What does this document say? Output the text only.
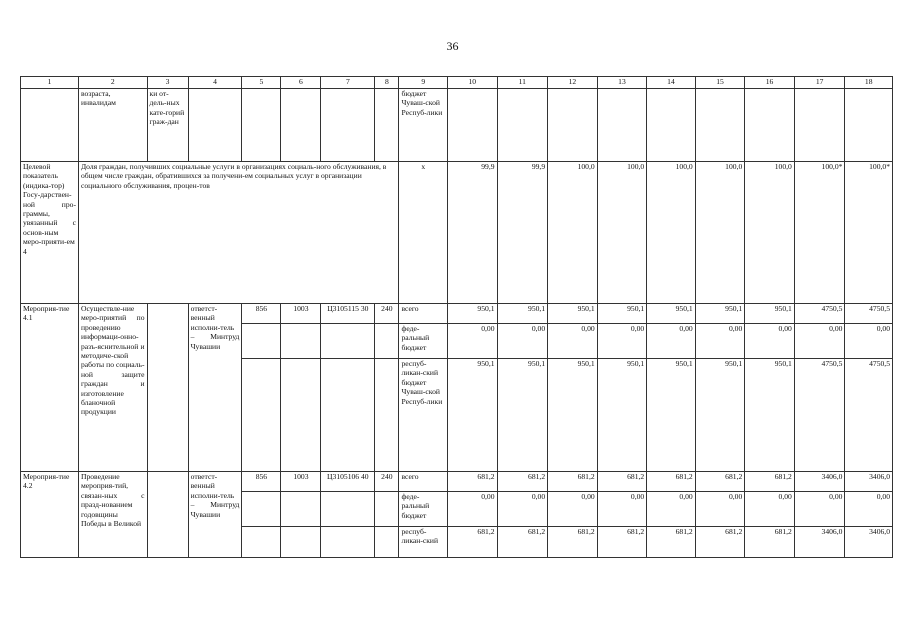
36
1	2	3	4	5	6	7	8	9	10	11	12	13	14	15	16	17	18
	возраста, инвалидам	ки от-дель-ных кате-горий граж-дан						бюджет Чуваш-ской Респуб-лики									
Целевой показатель (индика-тор) Госу-дарствен-ной про-граммы, увязанный с основ-ным меро-прияти-ем 4	Доля граждан, получивших социальные услуги в организациях социаль-ного обслуживания, в общем числе граждан, обратившихся за получени-ем социальных услуг в организации социального обслуживания, процен-тов							х	99,9	99,9	100,0	100,0	100,0	100,0	100,0	100,0*	100,0*
Мероприя-тие 4.1	Осуществле-ние меро-приятий по проведению информаци-онно-разъ-яснительной и методиче-ской работы по социаль-ной защите граждан и изготовление бланочной продукции		ответст-венный исполни-тель – Минтруд Чувашии	856	1003	Ц3105115 30	240	всего	950,1	950,1	950,1	950,1	950,1	950,1	950,1	4750,5	4750,5
								феде-ральный бюджет	0,00	0,00	0,00	0,00	0,00	0,00	0,00	0,00	0,00
								респуб-ликан-ский бюджет Чуваш-ской Респуб-лики	950,1	950,1	950,1	950,1	950,1	950,1	950,1	4750,5	4750,5
Мероприя-тие 4.2	Проведение мероприя-тий, связан-ных с празд-нованием годовщины Победы в Великой		ответст-венный исполни-тель – Минтруд Чувашии	856	1003	Ц3105106 40	240	всего	681,2	681,2	681,2	681,2	681,2	681,2	681,2	3406,0	3406,0
								феде-ральный бюджет	0,00	0,00	0,00	0,00	0,00	0,00	0,00	0,00	0,00
								респуб-ликан-ский	681,2	681,2	681,2	681,2	681,2	681,2	681,2	3406,0	3406,0
